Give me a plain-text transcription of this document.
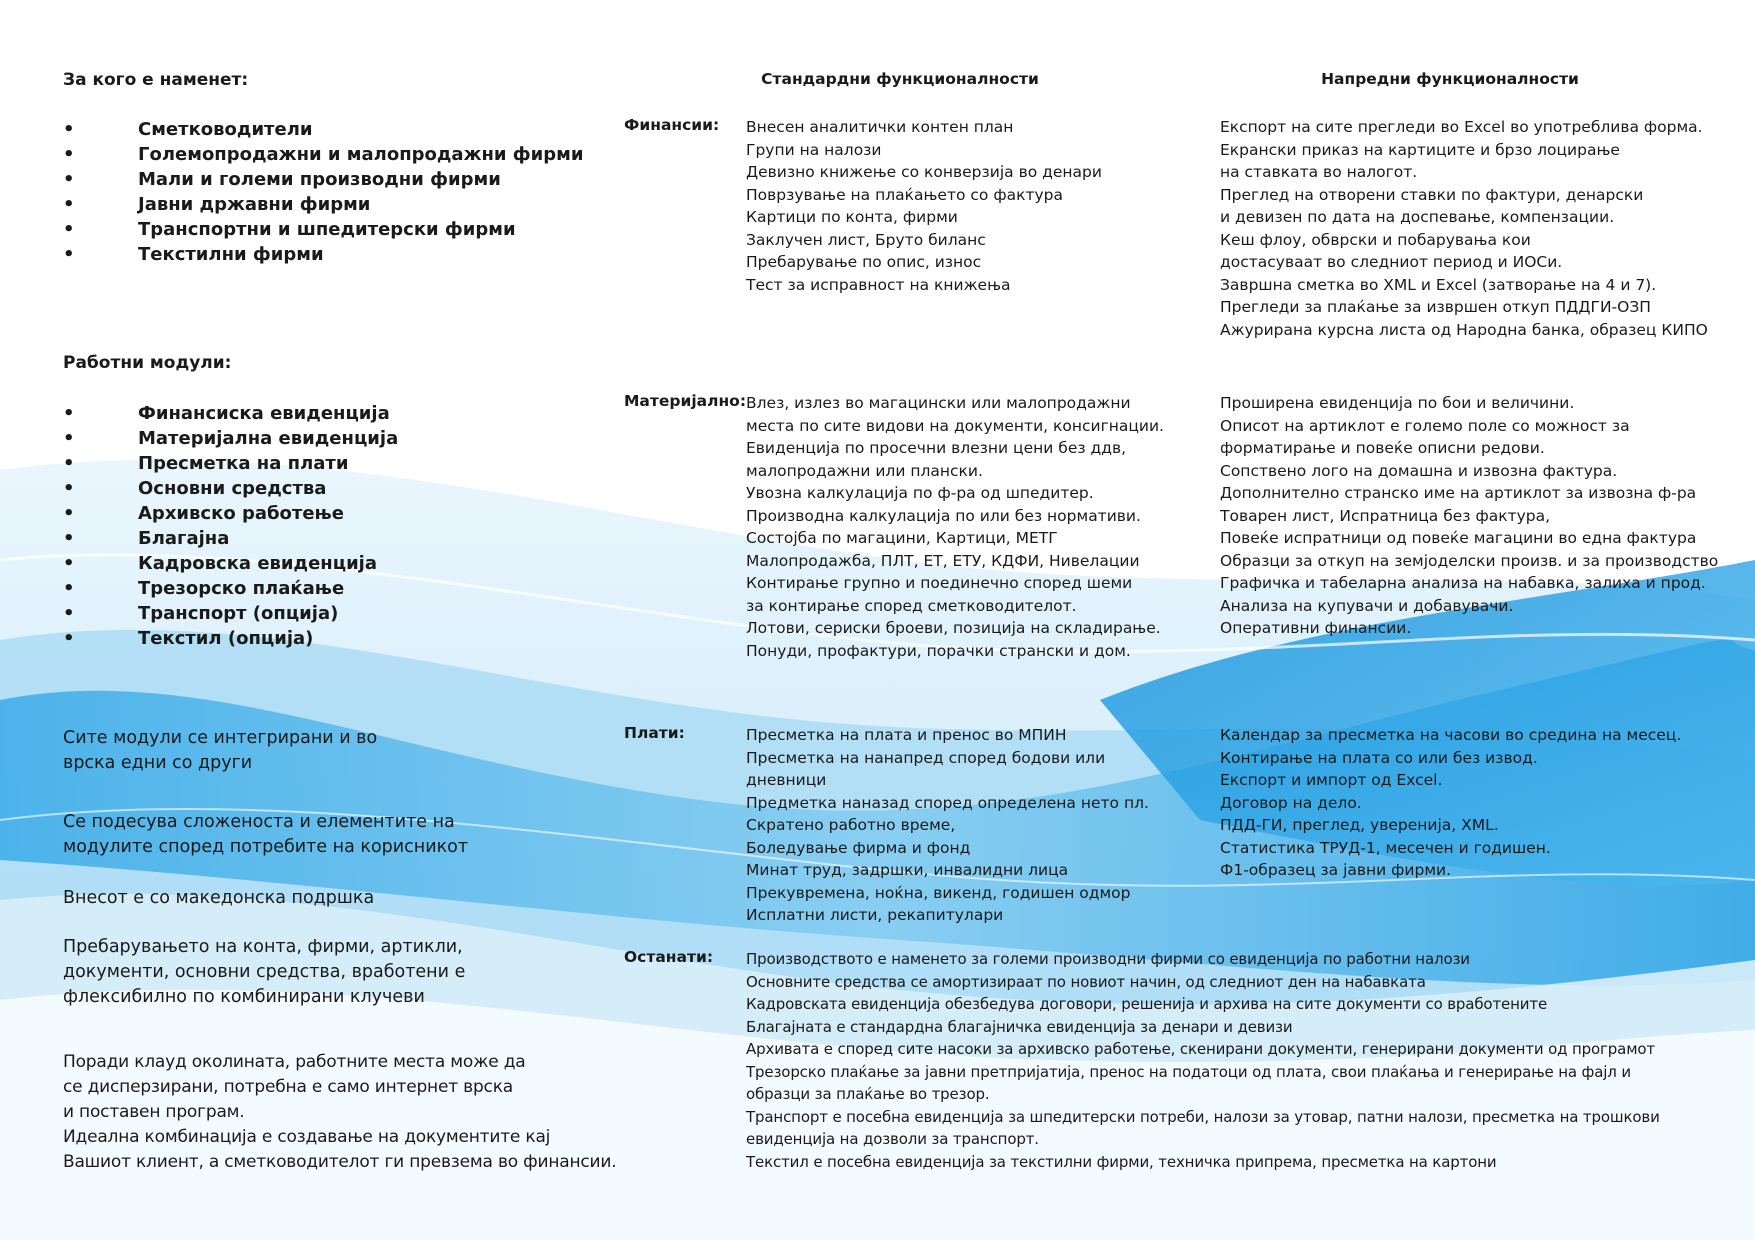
За кого е наменет:
• Сметководители
• Големопродажни и малопродажни фирми
• Мали и големи производни фирми
• Јавни државни фирми
• Транспортни и шпедитерски фирми
• Текстилни фирми
Работни модули:
• Финансиска евиденција
• Материјална евиденција
• Пресметка на плати
• Основни средства
• Архивско работење
• Благајна
• Кадровска евиденција
• Трезорско плаќање
• Транспорт (опција)
• Текстил (опција)
Сите модули се интегрирани и во
врска едни со други
Се подесува сложеноста и елементите на
модулите според потребите на корисникот
Внесот е со македонска подршка
Пребарувањето на конта, фирми, артикли,
документи, основни средства, вработени е
флексибилно по комбинирани клучеви
Поради клауд околината, работните места може да
се дисперзирани, потребна е само интернет врска
и поставен програм.
Идеална комбинација е создавање на документите кај
Вашиот клиент, а сметководителот ги превзема во финансии.
Стандардни функционалности	Напредни функционалности
Финансии: Внесен аналитички контен план
Групи на налози
Девизно книжење со конверзија во денари
Поврзување на плаќањето со фактура
Картици по конта, фирми
Заклучен лист, Бруто биланс
Пребарување по опис, износ
Тест за исправност на книжења
Експорт на сите прегледи во Excel во употреблива форма.
Екрански приказ на картиците и брзо лоцирање
на ставката во налогот.
Преглед на отворени ставки по фактури, денарски
и девизен по дата на доспевање, компензации.
Кеш флоу, обврски и побарувања кои
достасуваат во следниот период и ИОСи.
Завршна сметка во XML и Excel (затворање на 4 и 7).
Прегледи за плаќање за извршен откуп ПДДГИ-ОЗП
Ажурирана курсна листа од Народна банка, образец КИПО
Материјално: Влез, излез во магацински или малопродажни
места по сите видови на документи, консигнации.
Евиденција по просечни влезни цени без ддв,
малопродажни или плански.
Увозна калкулација по ф-ра од шпедитер.
Производна калкулација по или без нормативи.
Состојба по магацини, Картици, МЕТГ
Малопродажба, ПЛТ, ЕТ, ЕТУ, КДФИ, Нивелации
Контирање групно и поединечно според шеми
за контирање според сметководителот.
Лотови, сериски броеви, позиција на складирање.
Понуди, профактури, порачки странски и дом.
Проширена евиденција по бои и величини.
Описот на артиклот е големо поле со можност за
форматирање и повеќе описни редови.
Сопствено лого на домашна и извозна фактура.
Дополнително странско име на артиклот за извозна ф-ра
Товарен лист, Испратница без фактура,
Повеќе испратници од повеќе магацини во една фактура
Образци за откуп на земјоделски произв. и за производство
Графичка и табеларна анализа на набавка, залиха и прод.
Анализа на купувачи и добавувачи.
Оперативни финансии.
Плати:	Пресметка на плата и пренос во МПИН
Пресметка на нанапред според бодови или
дневници
Предметка наназад според определена нето пл.
Скратено работно време,
Боледување фирма и фонд
Минат труд, задршки, инвалидни лица
Прекувремена, ноќна, викенд, годишен одмор
Исплатни листи, рекапитулари
Календар за пресметка на часови во средина на месец.
Контирање на плата со или без извод.
Експорт и импорт од Excel.
Договор на дело.
ПДД-ГИ, преглед, уверенија, XML.
Статистика ТРУД-1, месечен и годишен.
Ф1-образец за јавни фирми.
Останати: Производството е наменето за големи производни фирми со евиденција по работни налози
Основните средства се амортизираат по новиот начин, од следниот ден на набавката
Кадровската евиденција обезбедува договори, решенија и архива на сите документи со вработените
Благајната е стандардна благајничка евиденција за денари и девизи
Архивата е според сите насоки за архивско работење, скенирани документи, генерирани документи од програмот
Трезорско плаќање за јавни претпријатија, пренос на податоци од плата, свои плаќања и генерирање на фајл и
образци за плаќање во трезор.
Транспорт е посебна евиденција за шпедитерски потреби, налози за утовар, патни налози, пресметка на трошкови
евиденција на дозволи за транспорт.
Текстил е посебна евиденција за текстилни фирми, техничка припрема, пресметка на картони
